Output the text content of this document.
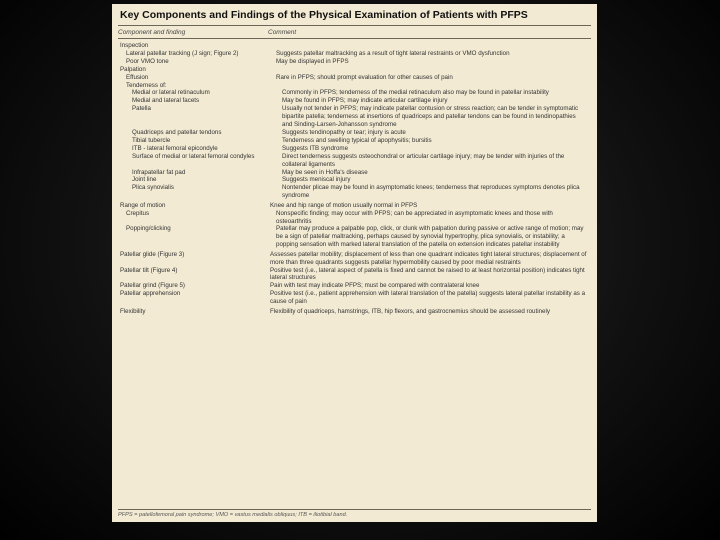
Key Components and Findings of the Physical Examination of Patients with PFPS
Component and finding	Comment
Inspection
Lateral patellar tracking (J sign; Figure 2)	Suggests patellar maltracking as a result of tight lateral restraints or VMO dysfunction
Poor VMO tone	May be displayed in PFPS
Palpation
Effusion	Rare in PFPS; should prompt evaluation for other causes of pain
Tenderness of:
Medial or lateral retinaculum	Commonly in PFPS; tenderness of the medial retinaculum also may be found in patellar instability
Medial and lateral facets	May be found in PFPS; may indicate articular cartilage injury
Patella	Usually not tender in PFPS; may indicate patellar contusion or stress reaction; can be tender in symptomatic bipartite patella; tenderness at insertions of quadriceps and patellar tendons can be found in tendinopathies and Sinding-Larsen-Johansson syndrome
Quadriceps and patellar tendons	Suggests tendinopathy or tear; injury is acute
Tibial tubercle	Tenderness and swelling typical of apophysitis; bursitis
ITB - lateral femoral epicondyle	Suggests ITB syndrome
Surface of medial or lateral femoral condyles	Direct tenderness suggests osteochondral or articular cartilage injury; may be tender with injuries of the collateral ligaments
Infrapatellar fat pad	May be seen in Hoffa's disease
Joint line	Suggests meniscal injury
Plica synovialis	Nontender plicae may be found in asymptomatic knees; tenderness that reproduces symptoms denotes plica syndrome
Range of motion	Knee and hip range of motion usually normal in PFPS
Crepitus	Nonspecific finding; may occur with PFPS; can be appreciated in asymptomatic knees and those with osteoarthritis
Popping/clicking	Patellar may produce a palpable pop, click, or clunk with palpation during passive or active range of motion; may be a sign of patellar maltracking, perhaps caused by synovial hypertrophy, plica synovialis, or instability; a popping sensation with marked lateral translation of the patella on extension indicates patellar instability
Patellar glide (Figure 3)	Assesses patellar mobility; displacement of less than one quadrant indicates tight lateral structures; displacement of more than three quadrants suggests patellar hypermobility caused by poor medial restraints
Patellar tilt (Figure 4)	Positive test (i.e., lateral aspect of patella is fixed and cannot be raised to at least horizontal position) indicates tight lateral structures
Patellar grind (Figure 5)	Pain with test may indicate PFPS; must be compared with contralateral knee
Patellar apprehension	Positive test (i.e., patient apprehension with lateral translation of the patella) suggests lateral patellar instability as a cause of pain
Flexibility	Flexibility of quadriceps, hamstrings, ITB, hip flexors, and gastrocnemius should be assessed routinely
PFPS = patellofemoral pain syndrome; VMO = vastus medialis obliquus; ITB = iliotibial band.
